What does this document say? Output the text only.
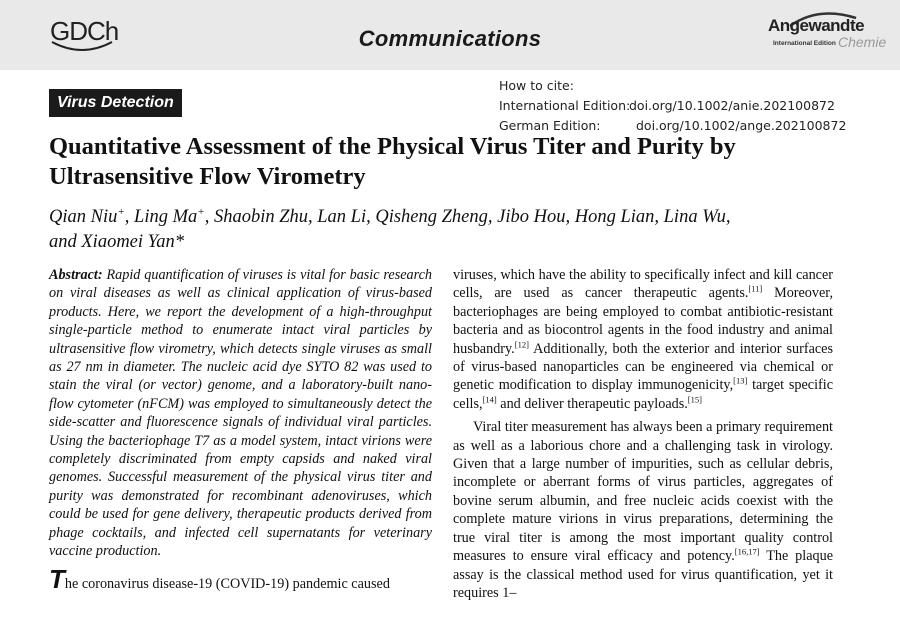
GDCh	Communications
Angewandte
International Edition Chemie
Virus Detection
How to cite:
International Edition:doi.org/10.1002/anie.202100872
German Edition:	doi.org/10.1002/ange.202100872
Quantitative Assessment of the Physical Virus Titer and Purity by Ultrasensitive Flow Virometry
Qian Niu+, Ling Ma+, Shaobin Zhu, Lan Li, Qisheng Zheng, Jibo Hou, Hong Lian, Lina Wu,
and Xiaomei Yan*

Abstract: Rapid quantification of viruses is vital for basic research on viral diseases as well as clinical application of virus-based products. Here, we report the development of a high-throughput single-particle method to enumerate intact viral particles by ultrasensitive flow virometry, which detects single viruses as small as 27 nm in diameter. The nucleic acid dye SYTO 82 was used to stain the viral (or vector) genome, and a laboratory-built nano-flow cytometer (nFCM) was employed to simultaneously detect the side-scatter and fluorescence signals of individual viral particles. Using the bacteriophage T7 as a model system, intact virions were completely discriminated from empty capsids and naked viral genomes. Successful measurement of the physical virus titer and purity was demonstrated for recombinant adenoviruses, which could be used for gene delivery, therapeutic products derived from phage cocktails, and infected cell supernatants for veterinary vaccine production.

The coronavirus disease-19 (COVID-19) pandemic caused

viruses, which have the ability to specifically infect and kill cancer cells, are used as cancer therapeutic agents.[11] Moreover, bacteriophages are being employed to combat antibiotic-resistant bacteria and as biocontrol agents in the food industry and animal husbandry.[12] Additionally, both the exterior and interior surfaces of virus-based nanoparticles can be engineered via chemical or genetic modification to display immunogenicity,[13] target specific cells,[14] and deliver therapeutic payloads.[15]

Viral titer measurement has always been a primary requirement as well as a laborious chore and a challenging task in virology. Given that a large number of impurities, such as cellular debris, incomplete or aberrant forms of virus particles, aggregates of bovine serum albumin, and free nucleic acids coexist with the complete mature virions in virus preparations, determining the true viral titer is among the most important quality control measures to ensure viral efficacy and potency.[16,17] The plaque assay is the classical method used for virus quantification, yet it requires 1–
